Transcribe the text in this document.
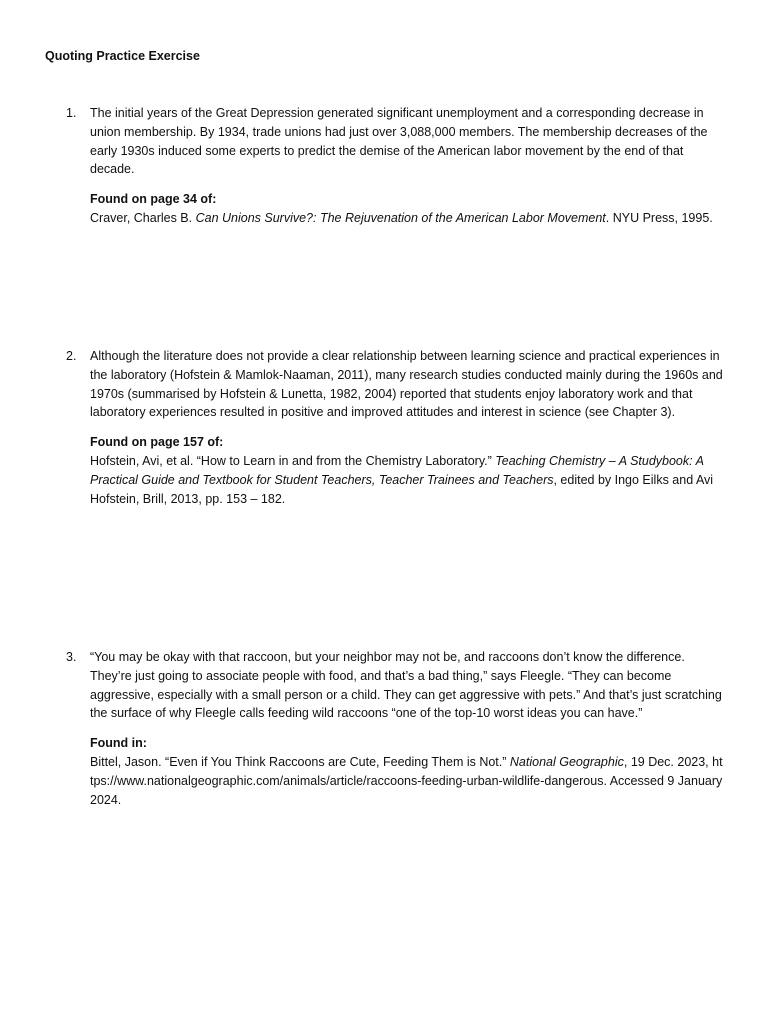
Quoting Practice Exercise
1.	The initial years of the Great Depression generated significant unemployment and a corresponding decrease in union membership. By 1934, trade unions had just over 3,088,000 members. The membership decreases of the early 1930s induced some experts to predict the demise of the American labor movement by the end of that decade.

Found on page 34 of:

Craver, Charles B. Can Unions Survive?: The Rejuvenation of the American Labor Movement. NYU Press, 1995.

2.	Although the literature does not provide a clear relationship between learning science and practical experiences in the laboratory (Hofstein & Mamlok-Naaman, 2011), many research studies conducted mainly during the 1960s and 1970s (summarised by Hofstein & Lunetta, 1982, 2004) reported that students enjoy laboratory work and that laboratory experiences resulted in positive and improved attitudes and interest in science (see Chapter 3).

Found on page 157 of:

Hofstein, Avi, et al. “How to Learn in and from the Chemistry Laboratory.” Teaching Chemistry – A Studybook: A Practical Guide and Textbook for Student Teachers, Teacher Trainees and Teachers, edited by Ingo Eilks and Avi Hofstein, Brill, 2013, pp. 153 – 182.

3.	“You may be okay with that raccoon, but your neighbor may not be, and raccoons don’t know the difference. They’re just going to associate people with food, and that’s a bad thing,” says Fleegle. “They can become aggressive, especially with a small person or a child. They can get aggressive with pets.” And that’s just scratching the surface of why Fleegle calls feeding wild raccoons “one of the top-10 worst ideas you can have.”

Found in:

Bittel, Jason. “Even if You Think Raccoons are Cute, Feeding Them is Not.” National Geographic, 19 Dec. 2023, https://www.nationalgeographic.com/animals/article/raccoons-feeding-urban-wildlife-dangerous. Accessed 9 January 2024.
